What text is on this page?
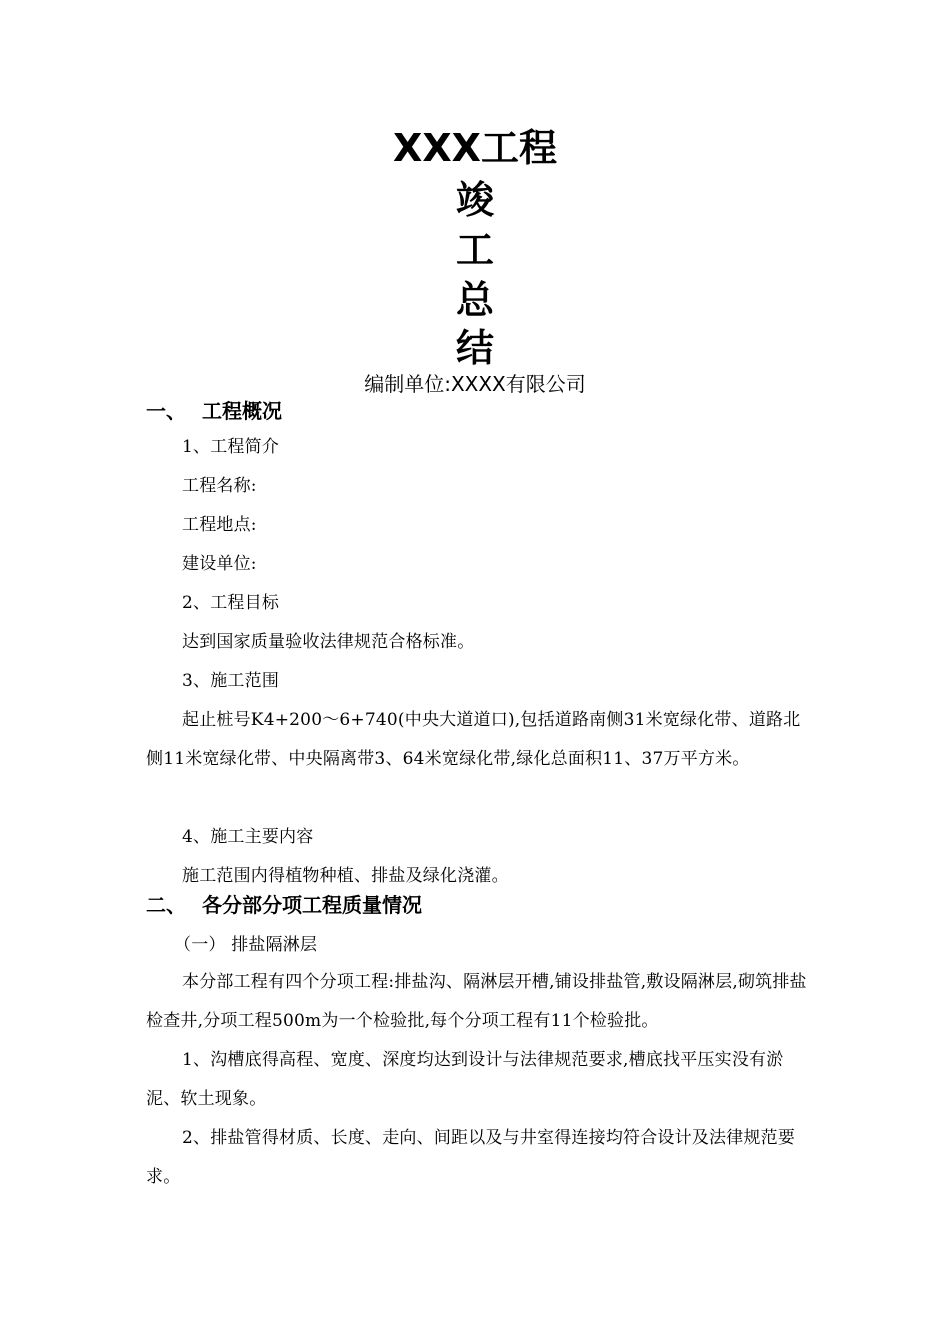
XXX工程
竣
工
总
结
编制单位:XXXX有限公司
一、 工程概况
1、工程简介
工程名称:
工程地点:
建设单位:
2、工程目标
达到国家质量验收法律规范合格标准。
3、施工范围
起止桩号K4+200～6+740(中央大道道口),包括道路南侧31米宽绿化带、道路北侧11米宽绿化带、中央隔离带3、64米宽绿化带,绿化总面积11、37万平方米。
4、施工主要内容
施工范围内得植物种植、排盐及绿化浇灌。
二、 各分部分项工程质量情况
（一） 排盐隔淋层
本分部工程有四个分项工程:排盐沟、隔淋层开槽,铺设排盐管,敷设隔淋层,砌筑排盐检查井,分项工程500m为一个检验批,每个分项工程有11个检验批。
1、沟槽底得高程、宽度、深度均达到设计与法律规范要求,槽底找平压实没有淤泥、软土现象。
2、排盐管得材质、长度、走向、间距以及与井室得连接均符合设计及法律规范要求。
